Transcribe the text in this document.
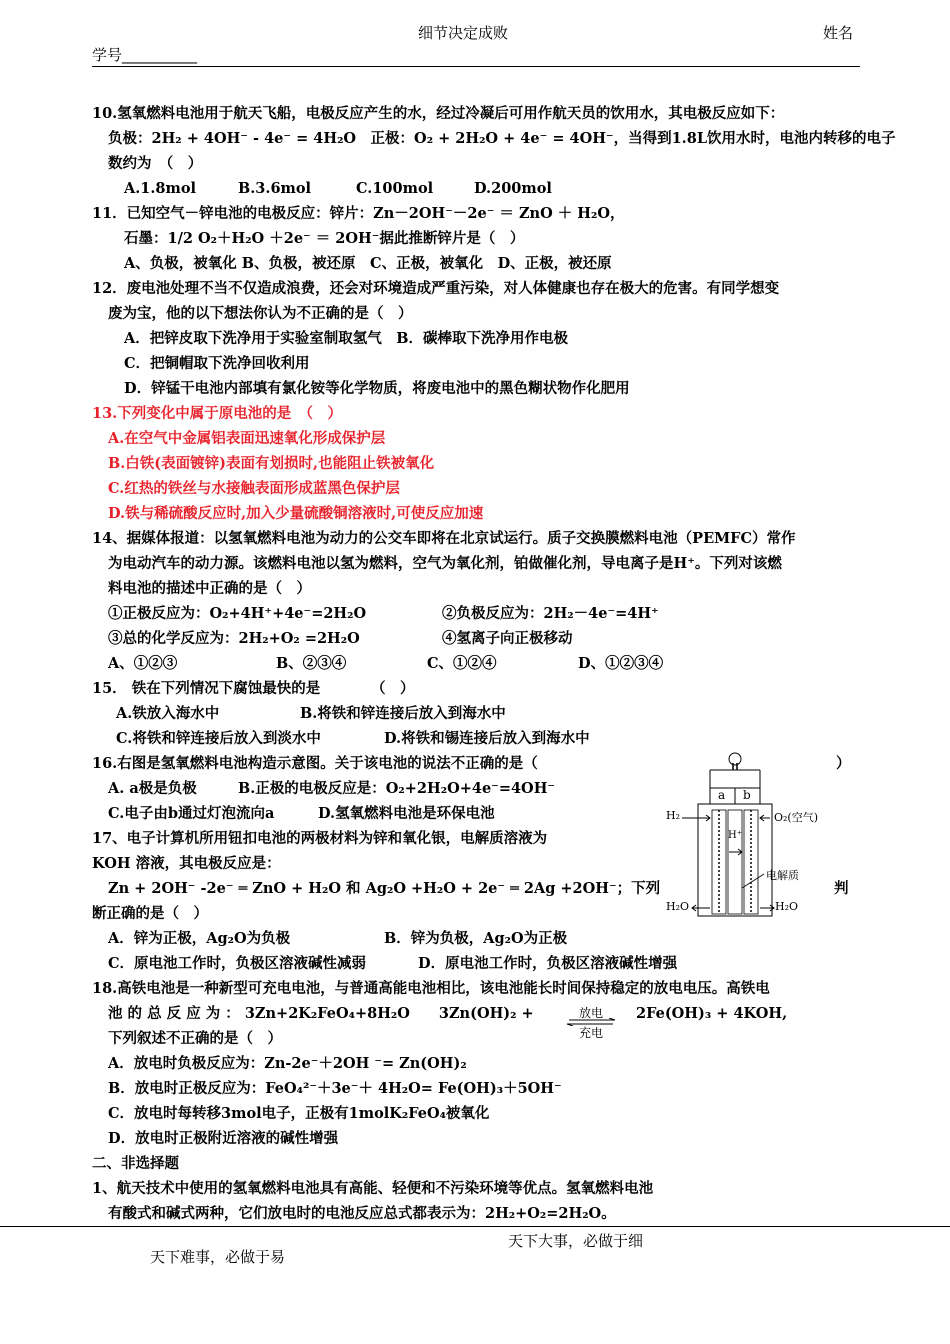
细节决定成败	姓名
学号__________

10.氢氧燃料电池用于航天飞船，电极反应产生的水，经过冷凝后可用作航天员的饮用水，其电极反应如下：

负极：2H₂ + 4OH⁻ - 4e⁻ = 4H₂O　正极：O₂ + 2H₂O + 4e⁻ = 4OH⁻，当得到1.8L饮用水时，电池内转移的电子

数约为　（　）

A.1.8mol	B.3.6mol	C.100mol	D.200mol

11．已知空气－锌电池的电极反应：锌片：Zn－2OH⁻－2e⁻ ＝ ZnO ＋ H₂O，

石墨：1/2 O₂＋H₂O ＋2e⁻ ＝ 2OH⁻据此推断锌片是（　）

A、负极，被氧化 B、负极，被还原　C、正极，被氧化　D、正极，被还原

12．废电池处理不当不仅造成浪费，还会对环境造成严重污染，对人体健康也存在极大的危害。有同学想变

废为宝，他的以下想法你认为不正确的是（　）

A．把锌皮取下洗净用于实验室制取氢气　B．碳棒取下洗净用作电极

C．把铜帽取下洗净回收利用

D．锌锰干电池内部填有氯化铵等化学物质，将废电池中的黑色糊状物作化肥用

13.下列变化中属于原电池的是　（　）

A.在空气中金属铝表面迅速氧化形成保护层

B.白铁(表面镀锌)表面有划损时,也能阻止铁被氧化

C.红热的铁丝与水接触表面形成蓝黑色保护层

D.铁与稀硫酸反应时,加入少量硫酸铜溶液时,可使反应加速

14、据媒体报道：以氢氧燃料电池为动力的公交车即将在北京试运行。质子交换膜燃料电池（PEMFC）常作

为电动汽车的动力源。该燃料电池以氢为燃料，空气为氧化剂，铂做催化剂，导电离子是H⁺。下列对该燃

料电池的描述中正确的是（　）

①正极反应为：O₂+4H⁺+4e⁻=2H₂O	②负极反应为：2H₂－4e⁻=4H⁺

③总的化学反应为：2H₂+O₂ =2H₂O	④氢离子向正极移动

A、①②③	B、②③④	C、①②④	D、①②③④

15． 铁在下列情况下腐蚀最快的是　　　　（　）

A.铁放入海水中	B.将铁和锌连接后放入到海水中

C.将铁和锌连接后放入到淡水中	D.将铁和锡连接后放入到海水中

16.右图是氢氧燃料电池构造示意图。关于该电池的说法不正确的是（	）

A. a极是负极	B.正极的电极反应是：O₂+2H₂O+4e⁻=4OH⁻

C.电子由b通过灯泡流向a	D.氢氧燃料电池是环保电池

17、电子计算机所用钮扣电池的两极材料为锌和氧化银，电解质溶液为

KOH 溶液，其电极反应是：

Zn + 2OH⁻ -2e⁻ ═ ZnO + H₂O 和 Ag₂O +H₂O + 2e⁻ ═ 2Ag +2OH⁻；下列	判

断正确的是（　）

A．锌为正极，Ag₂O为负极	B．锌为负极，Ag₂O为正极

C．原电池工作时，负极区溶液碱性减弱	D．原电池工作时，负极区溶液碱性增强

18.高铁电池是一种新型可充电电池，与普通高能电池相比，该电池能长时间保持稳定的放电电压。高铁电

池 的 总 反 应 为 ： 3Zn+2K₂FeO₄+8H₂O　　3Zn(OH)₂ +	2Fe(OH)₃ + 4KOH,

下列叙述不正确的是（　）

A．放电时负极反应为：Zn-2e⁻＋2OH ⁻= Zn(OH)₂

B．放电时正极反应为：FeO₄²⁻＋3e⁻＋ 4H₂O= Fe(OH)₃＋5OH⁻

C．放电时每转移3mol电子，正极有1molK₂FeO₄被氧化

D．放电时正极附近溶液的碱性增强

二、非选择题

1、航天技术中使用的氢氧燃料电池具有高能、轻便和不污染环境等优点。氢氧燃料电池

有酸式和碱式两种，它们放电时的电池反应总式都表示为：2H₂+O₂=2H₂O。

放电
充电
a b
H₂	O₂(空气)
H⁺
电解质
H₂O	H₂O
天下难事，必做于易
天下大事，必做于细
